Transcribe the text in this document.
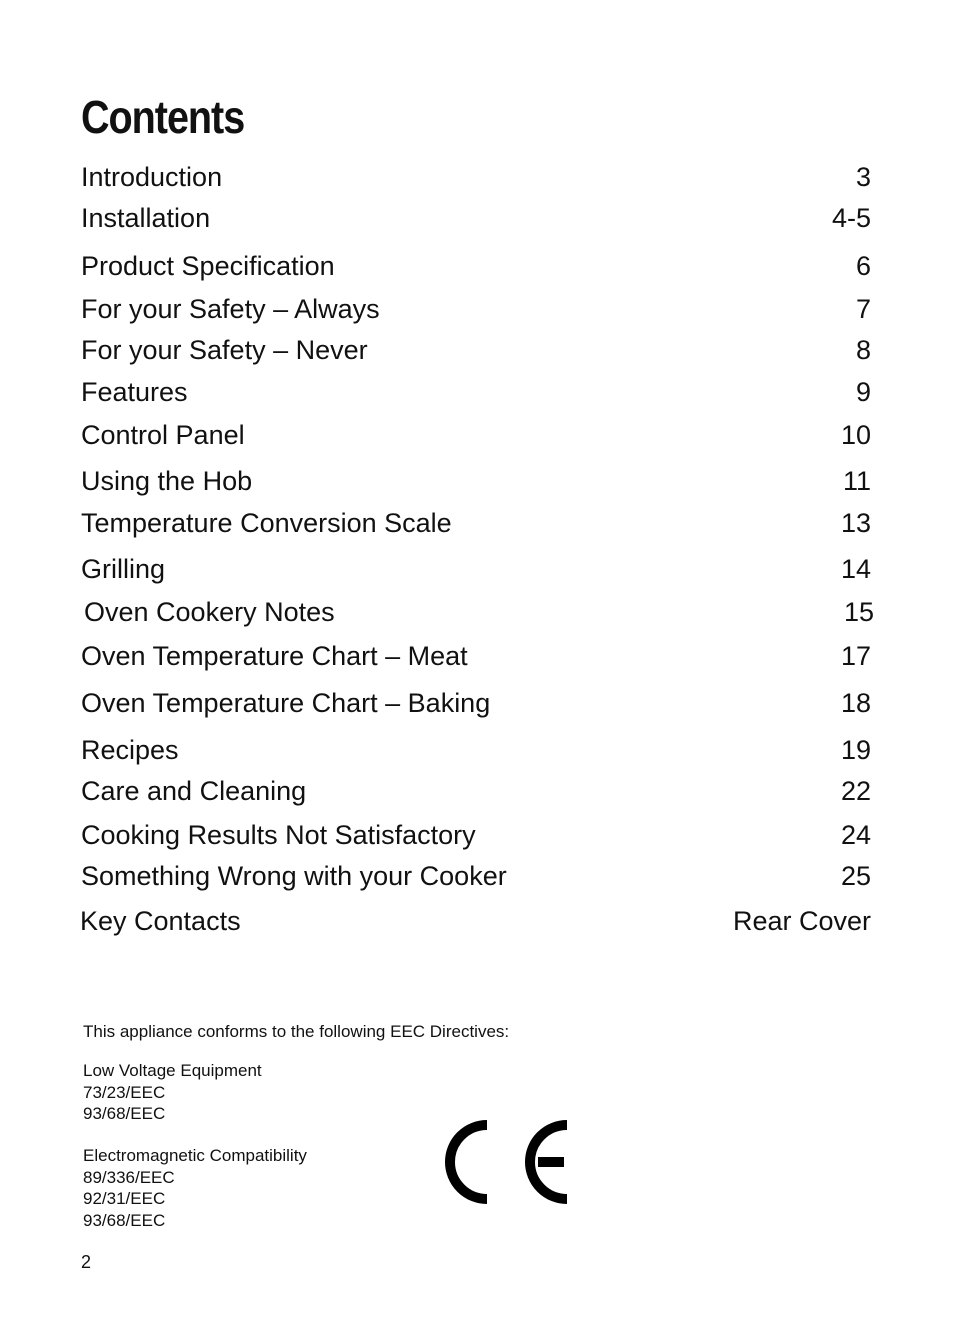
Contents
Introduction	3
Installation	4-5
Product Specification	6
For your Safety – Always	7
For your Safety – Never	8
Features	9
Control Panel	10
Using the Hob	11
Temperature Conversion Scale	13
Grilling	14
Oven Cookery Notes	15
Oven Temperature Chart – Meat	17
Oven Temperature Chart – Baking	18
Recipes	19
Care and Cleaning	22
Cooking Results Not Satisfactory	24
Something Wrong with your Cooker	25
Key Contacts	Rear Cover
This appliance conforms to the following EEC Directives:
Low Voltage Equipment
73/23/EEC
93/68/EEC
Electromagnetic Compatibility
89/336/EEC
92/31/EEC
93/68/EEC
2
